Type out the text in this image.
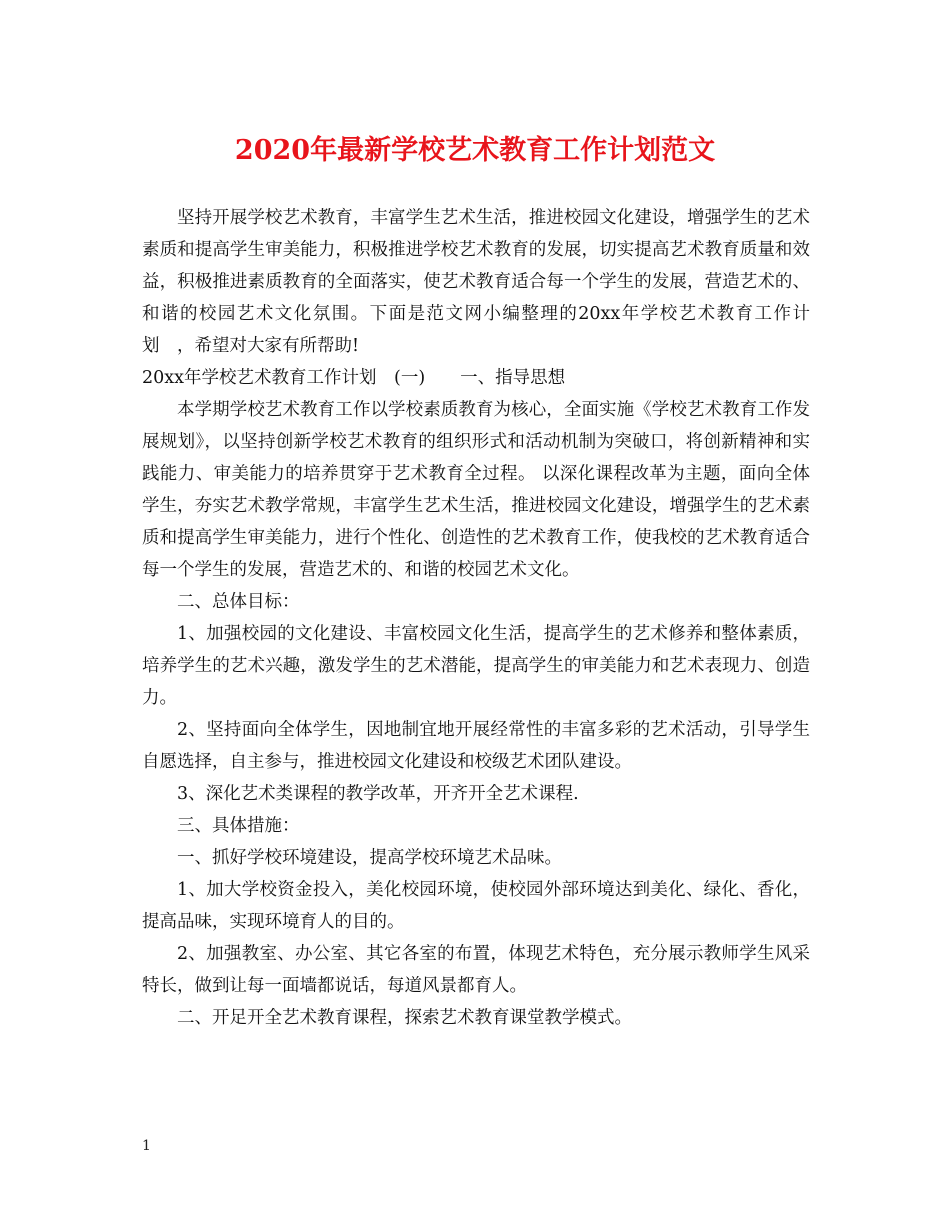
2020年最新学校艺术教育工作计划范文

坚持开展学校艺术教育，丰富学生艺术生活，推进校园文化建设，增强学生的艺术素质和提高学生审美能力，积极推进学校艺术教育的发展，切实提高艺术教育质量和效益，积极推进素质教育的全面落实，使艺术教育适合每一个学生的发展，营造艺术的、和谐的校园艺术文化氛围。下面是范文网小编整理的20xx年学校艺术教育工作计划　，希望对大家有所帮助!

20xx年学校艺术教育工作计划　(一)　　一、指导思想

本学期学校艺术教育工作以学校素质教育为核心，全面实施《学校艺术教育工作发展规划》，以坚持创新学校艺术教育的组织形式和活动机制为突破口，将创新精神和实践能力、审美能力的培养贯穿于艺术教育全过程。 以深化课程改革为主题，面向全体学生，夯实艺术教学常规，丰富学生艺术生活，推进校园文化建设，增强学生的艺术素质和提高学生审美能力，进行个性化、创造性的艺术教育工作，使我校的艺术教育适合每一个学生的发展，营造艺术的、和谐的校园艺术文化。

二、总体目标：

1、加强校园的文化建设、丰富校园文化生活，提高学生的艺术修养和整体素质，培养学生的艺术兴趣，激发学生的艺术潜能，提高学生的审美能力和艺术表现力、创造力。

2、坚持面向全体学生，因地制宜地开展经常性的丰富多彩的艺术活动，引导学生自愿选择，自主参与，推进校园文化建设和校级艺术团队建设。

3、深化艺术类课程的教学改革，开齐开全艺术课程.

三、具体措施：

一、抓好学校环境建设，提高学校环境艺术品味。

1、加大学校资金投入，美化校园环境，使校园外部环境达到美化、绿化、香化，提高品味，实现环境育人的目的。

2、加强教室、办公室、其它各室的布置，体现艺术特色，充分展示教师学生风采特长，做到让每一面墙都说话，每道风景都育人。

二、开足开全艺术教育课程，探索艺术教育课堂教学模式。

1
